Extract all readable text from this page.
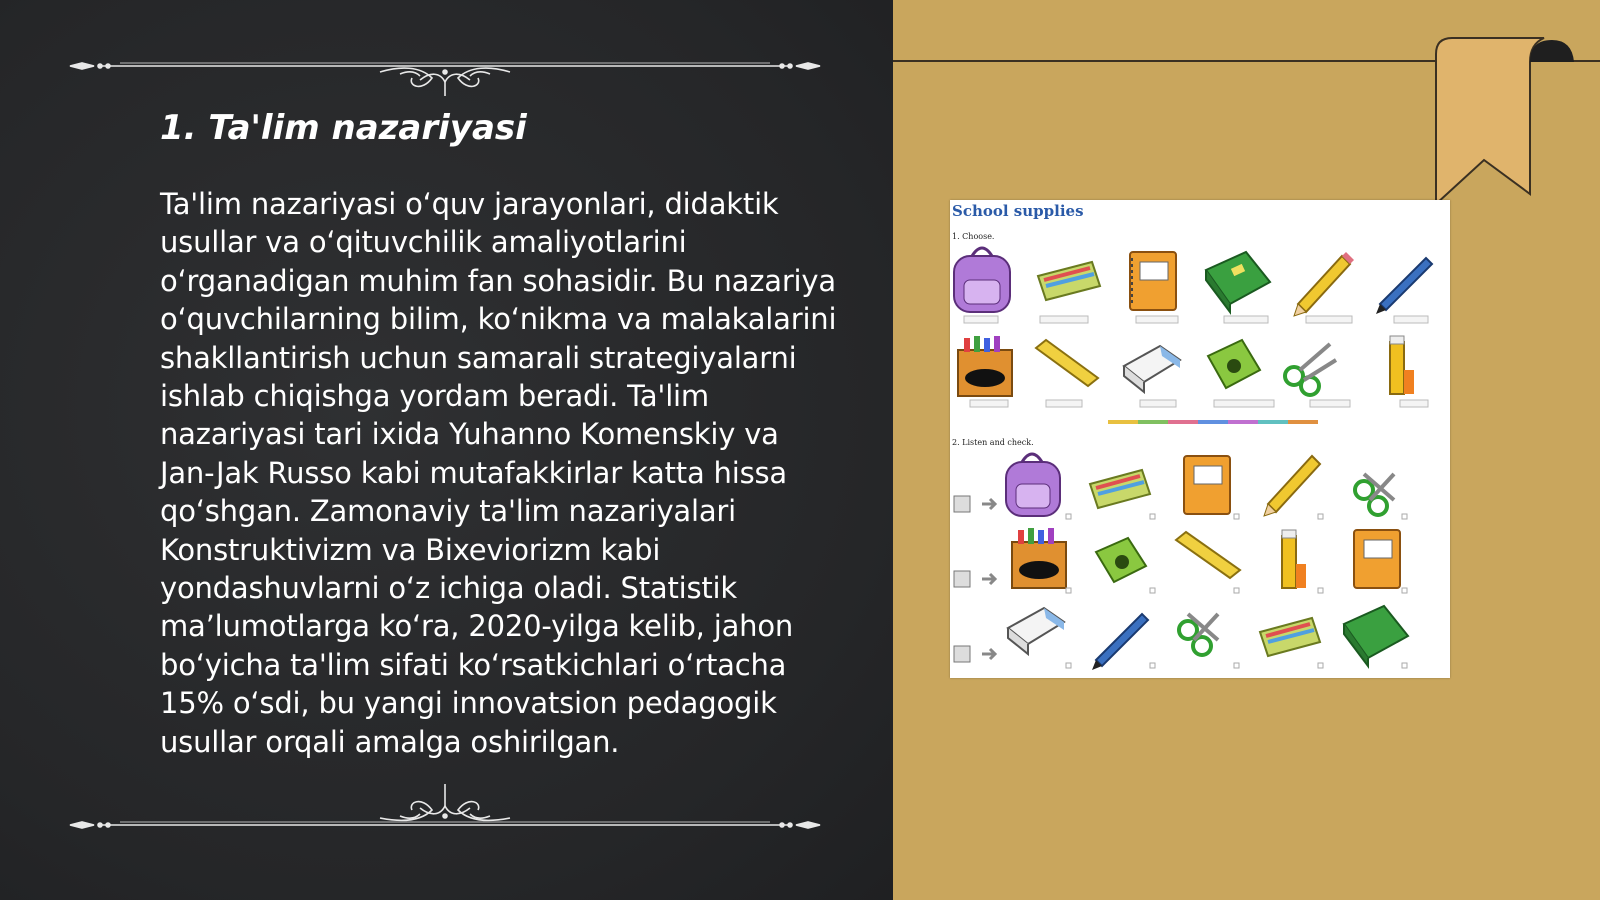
1. Ta'lim nazariyasi

Ta'lim nazariyasi oʻquv jarayonlari, didaktik usullar va oʻqituvchilik amaliyotlarini oʻrganadigan muhim fan sohasidir. Bu nazariya oʻquvchilarning bilim, koʻnikma va malakalarini shakllantirish uchun samarali strategiyalarni ishlab chiqishga yordam beradi. Ta'lim nazariyasi tari ixida Yuhanno Komenskiy va Jan-Jak Russo kabi mutafakkirlar katta hissa qoʻshgan. Zamonaviy ta'lim nazariyalari Konstruktivizm va Bixeviorizm kabi yondashuvlarni oʻz ichiga oladi. Statistik maʼlumotlarga koʻra, 2020-yilga kelib, jahon boʻyicha ta'lim sifati koʻrsatkichlari oʻrtacha 15% oʻsdi, bu yangi innovatsion pedagogik usullar orqali amalga oshirilgan.

School supplies
1. Choose.
2. Listen and check.
